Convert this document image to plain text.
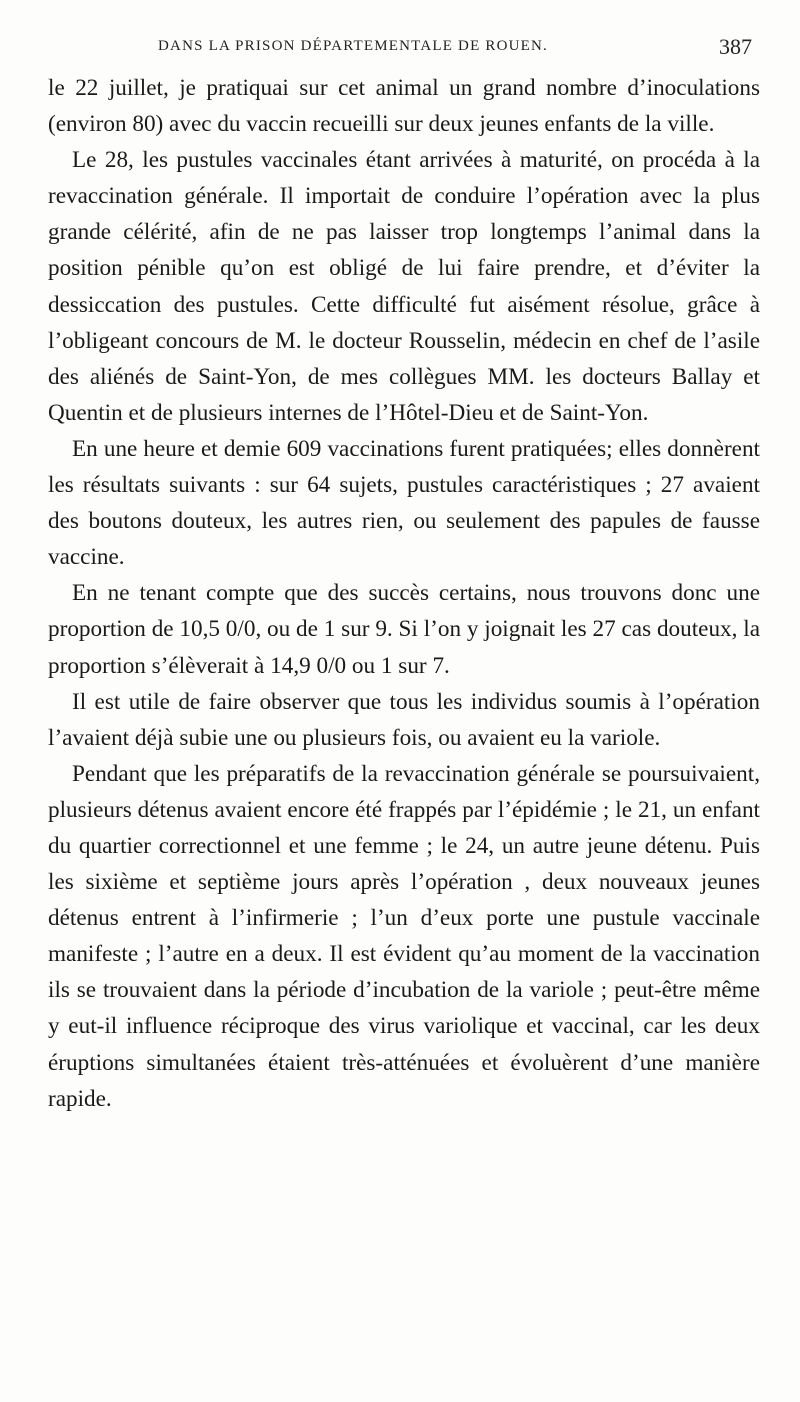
DANS LA PRISON DÉPARTEMENTALE DE ROUEN.	387

le 22 juillet, je pratiquai sur cet animal un grand nombre d’inoculations (environ 80) avec du vaccin recueilli sur deux jeunes enfants de la ville.

Le 28, les pustules vaccinales étant arrivées à maturité, on procéda à la revaccination générale. Il importait de conduire l’opération avec la plus grande célérité, afin de ne pas laisser trop longtemps l’animal dans la position pénible qu’on est obligé de lui faire prendre, et d’éviter la dessiccation des pustules. Cette difficulté fut aisément résolue, grâce à l’obligeant concours de M. le docteur Rousselin, médecin en chef de l’asile des aliénés de Saint-Yon, de mes collègues MM. les docteurs Ballay et Quentin et de plusieurs internes de l’Hôtel-Dieu et de Saint-Yon.

En une heure et demie 609 vaccinations furent pratiquées; elles donnèrent les résultats suivants : sur 64 sujets, pustules caractéristiques ; 27 avaient des boutons douteux, les autres rien, ou seulement des papules de fausse vaccine.

En ne tenant compte que des succès certains, nous trouvons donc une proportion de 10,5 0/0, ou de 1 sur 9. Si l’on y joignait les 27 cas douteux, la proportion s’élèverait à 14,9 0/0 ou 1 sur 7.

Il est utile de faire observer que tous les individus soumis à l’opération l’avaient déjà subie une ou plusieurs fois, ou avaient eu la variole.

Pendant que les préparatifs de la revaccination générale se poursuivaient, plusieurs détenus avaient encore été frappés par l’épidémie ; le 21, un enfant du quartier correctionnel et une femme ; le 24, un autre jeune détenu. Puis les sixième et septième jours après l’opération , deux nouveaux jeunes détenus entrent à l’infirmerie ; l’un d’eux porte une pustule vaccinale manifeste ; l’autre en a deux. Il est évident qu’au moment de la vaccination ils se trouvaient dans la période d’incubation de la variole ; peut-être même y eut-il influence réciproque des virus variolique et vaccinal, car les deux éruptions simultanées étaient très-atténuées et évoluèrent d’une manière rapide.
